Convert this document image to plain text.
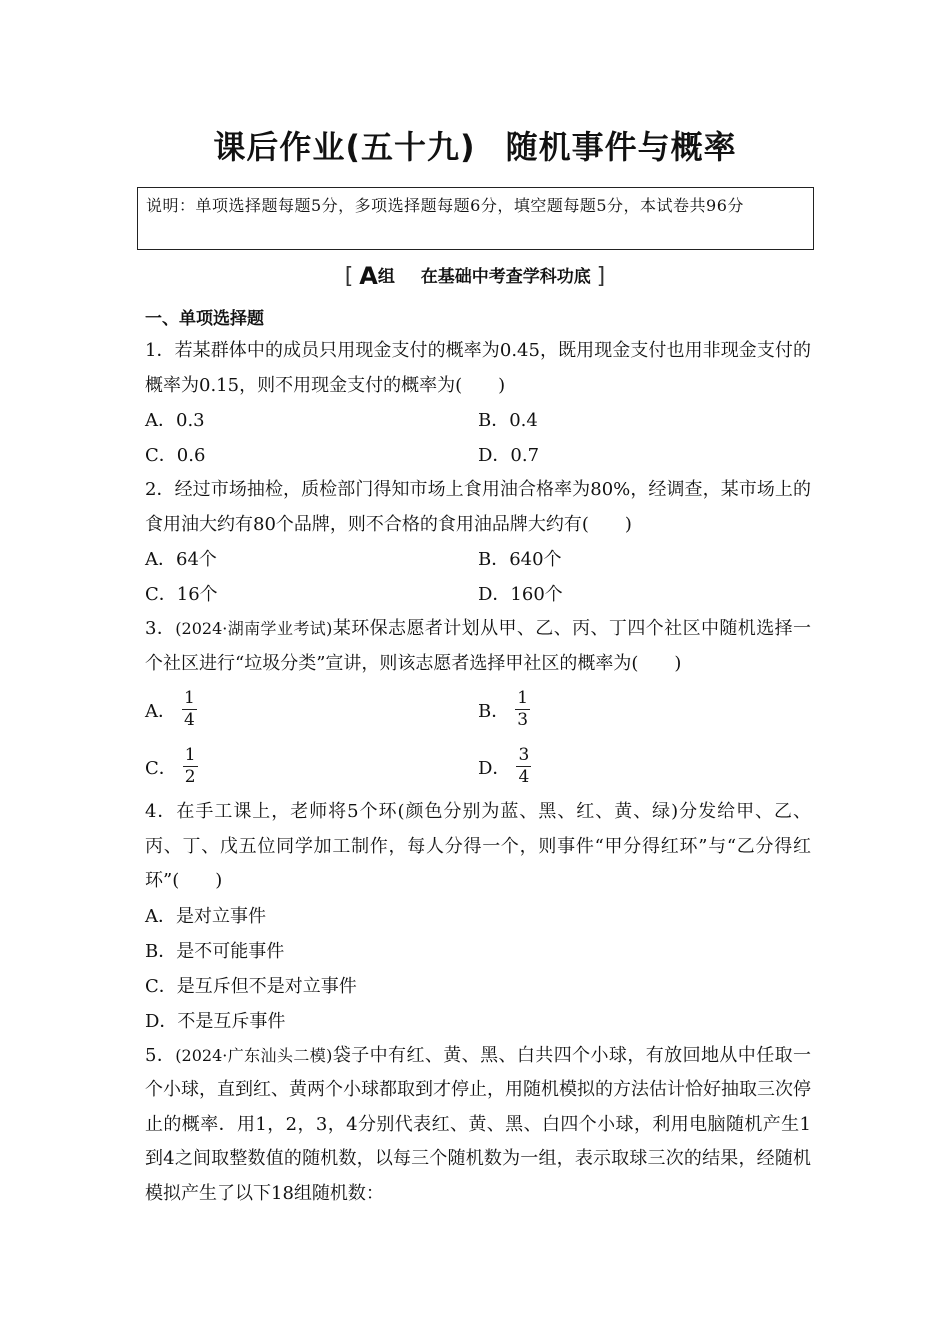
课后作业(五十九) 随机事件与概率
说明：单项选择题每题5分，多项选择题每题6分，填空题每题5分，本试卷共96分
[ A组 在基础中考查学科功底 ]
一、单项选择题
1．若某群体中的成员只用现金支付的概率为0.45，既用现金支付也用非现金支付的概率为0.15，则不用现金支付的概率为(　　)
A．0.3	B．0.4
C．0.6	D．0.7
2．经过市场抽检，质检部门得知市场上食用油合格率为80%，经调查，某市场上的食用油大约有80个品牌，则不合格的食用油品牌大约有(　　)
A．64个	B．640个
C．16个	D．160个
3．(2024·湖南学业考试)某环保志愿者计划从甲、乙、丙、丁四个社区中随机选择一个社区进行“垃圾分类”宣讲，则该志愿者选择甲社区的概率为(　　)
A． $\frac{1}{4}$	B． $\frac{1}{3}$
C． $\frac{1}{2}$	D． $\frac{3}{4}$
4．在手工课上，老师将5个环(颜色分别为蓝、黑、红、黄、绿)分发给甲、乙、丙、丁、戊五位同学加工制作，每人分得一个，则事件“甲分得红环”与“乙分得红环”(　　)
A．是对立事件
B．是不可能事件
C．是互斥但不是对立事件
D．不是互斥事件
5．(2024·广东汕头二模)袋子中有红、黄、黑、白共四个小球，有放回地从中任取一个小球，直到红、黄两个小球都取到才停止，用随机模拟的方法估计恰好抽取三次停止的概率．用1，2，3，4分别代表红、黄、黑、白四个小球，利用电脑随机产生1到4之间取整数值的随机数，以每三个随机数为一组，表示取球三次的结果，经随机模拟产生了以下18组随机数：
